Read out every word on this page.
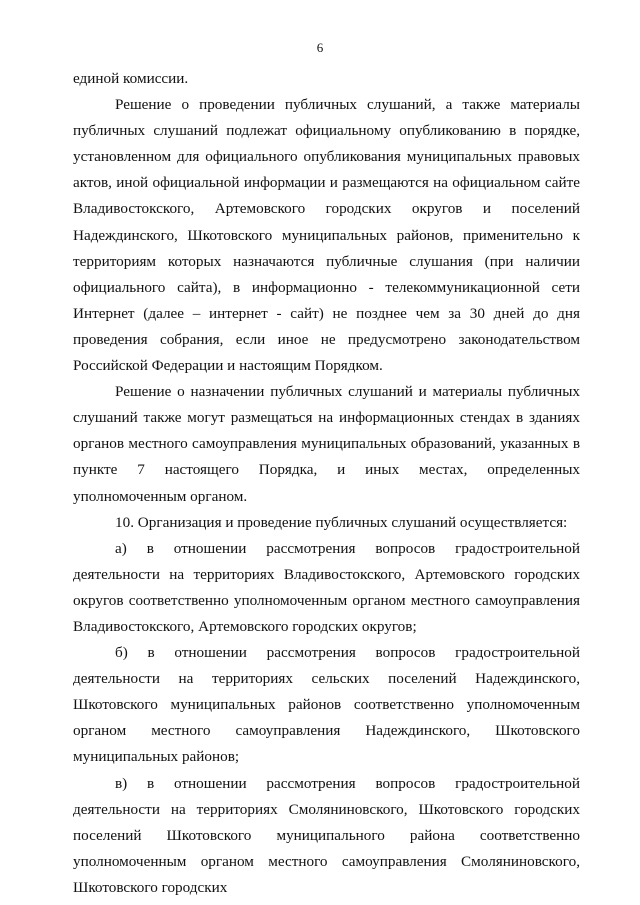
6

единой комиссии.

Решение о проведении публичных слушаний, а также материалы публичных слушаний подлежат официальному опубликованию в порядке, установленном для официального опубликования муниципальных правовых актов, иной официальной информации и размещаются на официальном сайте Владивостокского, Артемовского городских округов и поселений Надеждинского, Шкотовского муниципальных районов, применительно к территориям которых назначаются публичные слушания (при наличии официального сайта), в информационно - телекоммуникационной сети Интернет (далее – интернет - сайт) не позднее чем за 30 дней до дня проведения собрания, если иное не предусмотрено законодательством Российской Федерации и настоящим Порядком.

Решение о назначении публичных слушаний и материалы публичных слушаний также могут размещаться на информационных стендах в зданиях органов местного самоуправления муниципальных образований, указанных в пункте 7 настоящего Порядка, и иных местах, определенных уполномоченным органом.

10. Организация и проведение публичных слушаний осуществляется:

а) в отношении рассмотрения вопросов градостроительной деятельности на территориях Владивостокского, Артемовского городских округов соответственно уполномоченным органом местного самоуправления Владивостокского, Артемовского городских округов;

б) в отношении рассмотрения вопросов градостроительной деятельности на территориях сельских поселений Надеждинского, Шкотовского муниципальных районов соответственно уполномоченным органом местного самоуправления Надеждинского, Шкотовского муниципальных районов;

в) в отношении рассмотрения вопросов градостроительной деятельности на территориях Смоляниновского, Шкотовского городских поселений Шкотовского муниципального района соответственно уполномоченным органом местного самоуправления Смоляниновского, Шкотовского городских
